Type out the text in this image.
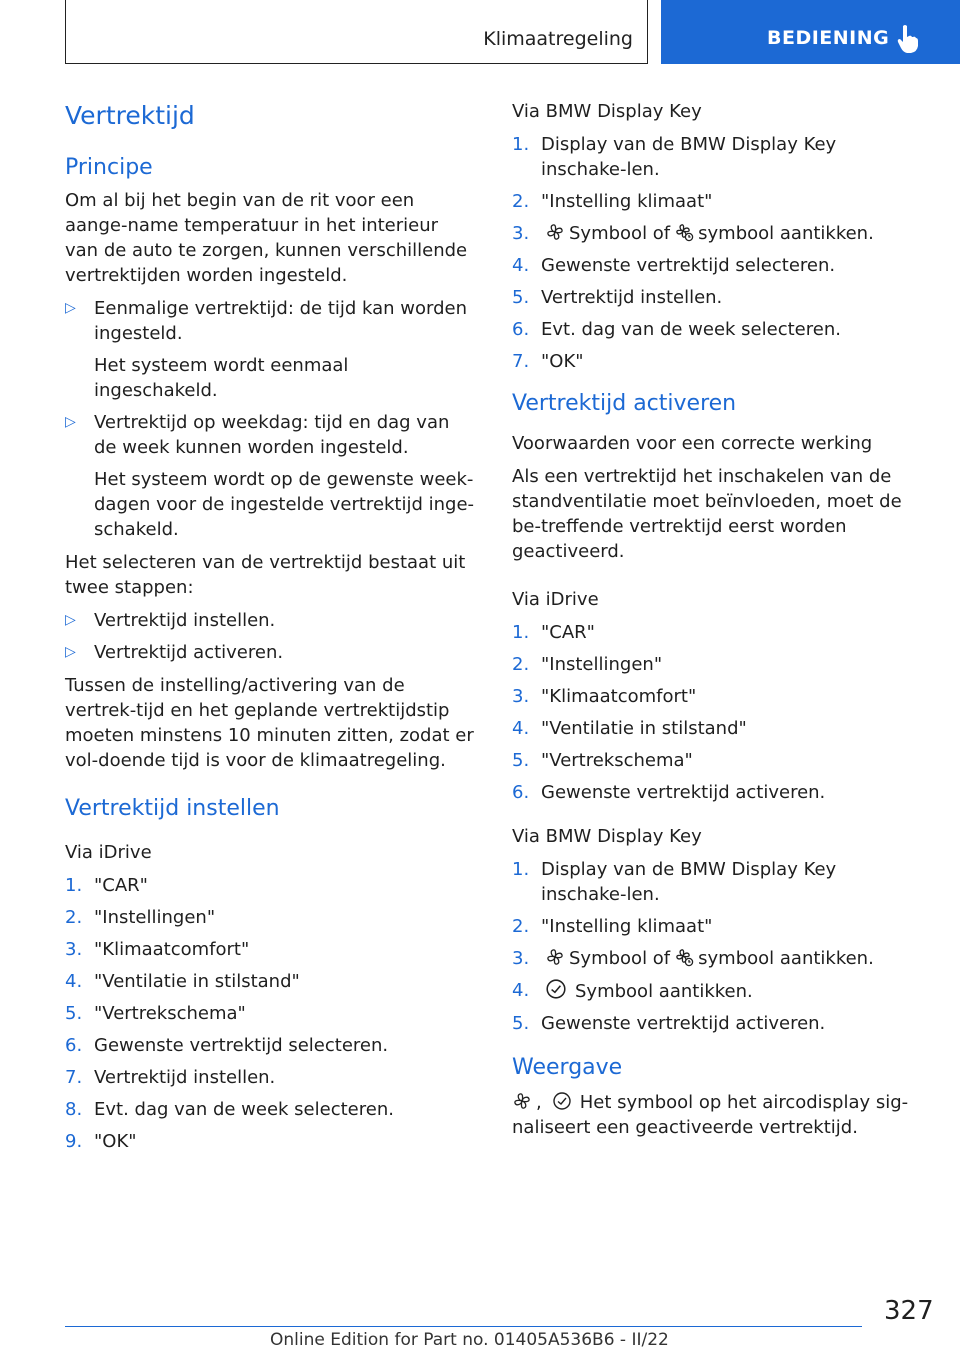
Klimaatregeling	BEDIENING
Vertrektijd
Principe

Om al bij het begin van de rit voor een aange-name temperatuur in het interieur van de auto te zorgen, kunnen verschillende vertrektijden worden ingesteld.

▷ Eenmalige vertrektijd: de tijd kan worden ingesteld.
Het systeem wordt eenmaal ingeschakeld.
▷ Vertrektijd op weekdag: tijd en dag van de week kunnen worden ingesteld.
Het systeem wordt op de gewenste week-dagen voor de ingestelde vertrektijd inge-schakeld.

Het selecteren van de vertrektijd bestaat uit twee stappen:

▷ Vertrektijd instellen.
▷ Vertrektijd activeren.

Tussen de instelling/activering van de vertrek-tijd en het geplande vertrektijdstip moeten minstens 10 minuten zitten, zodat er vol-doende tijd is voor de klimaatregeling.

Vertrektijd instellen
Via iDrive
1. "CAR"
2. "Instellingen"
3. "Klimaatcomfort"
4. "Ventilatie in stilstand"
5. "Vertrekschema"
6. Gewenste vertrektijd selecteren.
7. Vertrektijd instellen.
8. Evt. dag van de week selecteren.
9. "OK"
Via BMW Display Key
1. Display van de BMW Display Key inschake-len.
2. "Instelling klimaat"
3. Symbool of symbool aantikken.
4. Gewenste vertrektijd selecteren.
5. Vertrektijd instellen.
6. Evt. dag van de week selecteren.
7. "OK"
Vertrektijd activeren
Voorwaarden voor een correcte werking

Als een vertrektijd het inschakelen van de standventilatie moet beïnvloeden, moet de be-treffende vertrektijd eerst worden geactiveerd.

Via iDrive
1. "CAR"
2. "Instellingen"
3. "Klimaatcomfort"
4. "Ventilatie in stilstand"
5. "Vertrekschema"
6. Gewenste vertrektijd activeren.
Via BMW Display Key
1. Display van de BMW Display Key inschake-len.
2. "Instelling klimaat"
3. Symbool of symbool aantikken.
4.	Symbool aantikken.
5. Gewenste vertrektijd activeren.
Weergave

, Het symbool op het aircodisplay sig-naliseert een geactiveerde vertrektijd.

327
Online Edition for Part no. 01405A536B6 - II/22
